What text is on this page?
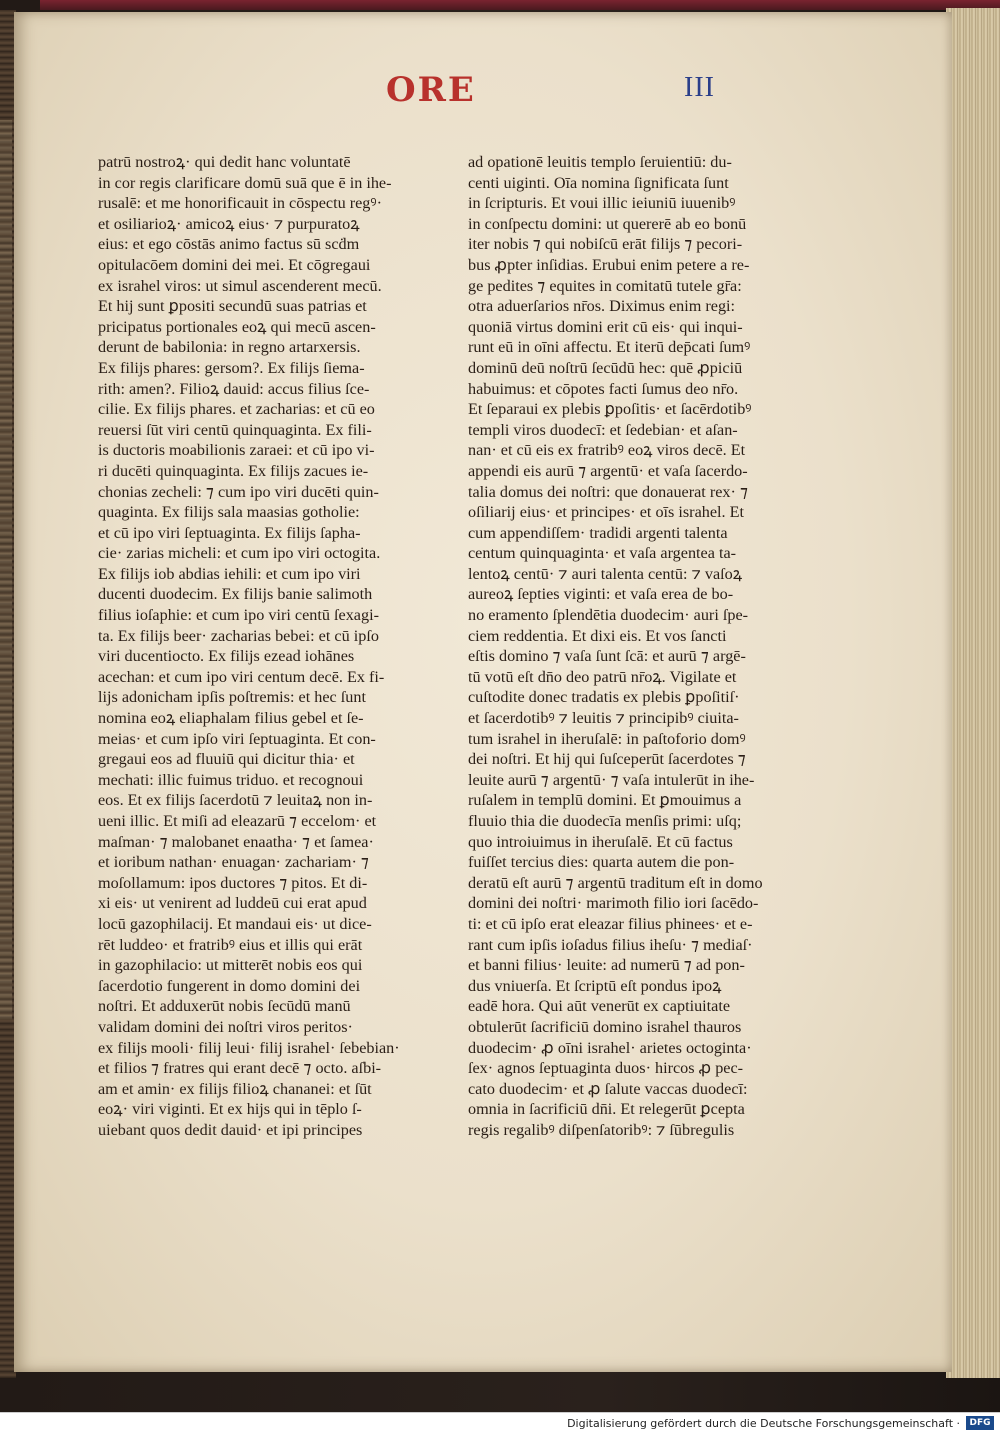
ORE	III
patrū nostroꝝ· qui dedit hanc voluntatē
in cor regis clarificare domū suā que ē in ihe-
rusalē: et me honorificauit in cōspectu regꝰ·
et osiliarioꝝ· amicoꝝ eius· ⁊ purpuratoꝝ
eius: et ego cōstās animo factus sū scḋm
opitulacōem domini dei mei. Et cōgregaui
ex israhel viros: ut simul ascenderent mecū.
Et hij sunt ꝑpositi secundū suas patrias et
pricipatus portionales eoꝝ qui mecū ascen-
derunt de babilonia: in regno artarxersis.
Ex filijs phares: gersom?. Ex filijs ſiema-
rith: amen?. Filioꝝ dauid: accus filius ſce-
cilie. Ex filijs phares. et zacharias: et cū eo
reuersi ſūt viri centū quinquaginta. Ex fili-
is ductoris moabilionis zaraei: et cū ipo vi-
ri ducēti quinquaginta. Ex filijs zacues ie-
chonias zecheli: ⁊ cum ipo viri ducēti quin-
quaginta. Ex filijs sala maasias gotholie:
et cū ipo viri ſeptuaginta. Ex filijs ſapha-
cie· zarias micheli: et cum ipo viri octogita.
Ex filijs iob abdias iehili: et cum ipo viri
ducenti duodecim. Ex filijs banie salimoth
filius ioſaphie: et cum ipo viri centū ſexagi-
ta. Ex filijs beer· zacharias bebei: et cū ipſo
viri ducentiocto. Ex filijs ezead iohānes
acechan: et cum ipo viri centum decē. Ex fi-
lijs adonicham ipſis poſtremis: et hec ſunt
nomina eoꝝ eliaphalam filius gebel et ſe-
meias· et cum ipſo viri ſeptuaginta. Et con-
gregaui eos ad fluuiū qui dicitur thia· et
mechati: illic fuimus triduo. et recognoui
eos. Et ex filijs ſacerdotū ⁊ leuitaꝝ non in-
ueni illic. Et miſi ad eleazarū ⁊ eccelom· et
maſman· ⁊ malobanet enaatha· ⁊ et ſamea·
et ioribum nathan· enuagan· zachariam· ⁊
moſollamum: ipos ductores ⁊ pitos. Et di-
xi eis· ut venirent ad luddeū cui erat apud
locū gazophilacij. Et mandaui eis· ut dice-
rēt luddeo· et fratribꝰ eius et illis qui erāt
in gazophilacio: ut mitterēt nobis eos qui
ſacerdotio fungerent in domo domini dei
noſtri. Et adduxerūt nobis ſecūdū manū
validam domini dei noſtri viros peritos·
ex filijs mooli· filij leui· filij israhel· ſebebian·
et filios ⁊ fratres qui erant decē ⁊ octo. aſbi-
am et amin· ex filijs filioꝝ chananei: et ſūt
eoꝝ· viri viginti. Et ex hijs qui in tēplo ſ-
uiebant quos dedit dauid· et ipi principes
ad opationē leuitis templo ſeruientiū: du-
centi uiginti. Oīa nomina ſignificata ſunt
in ſcripturis. Et voui illic ieiuniū iuuenibꝰ
in conſpectu domini: ut quererē ab eo bonū
iter nobis ⁊ qui nobiſcū erāt filijs ⁊ pecori-
bus ꝓpter inſidias. Erubui enim petere a re-
ge pedites ⁊ equites in comitatū tutele gr̄a:
otra aduerſarios nr̄os. Diximus enim regi:
quoniā virtus domini erit cū eis· qui inqui-
runt eū in oīni affectu. Et iterū dep̄cati ſumꝰ
dominū deū noſtrū ſecūdū hec: quē ꝓpiciū
habuimus: et cōpotes facti ſumus deo nr̄o.
Et ſeparaui ex plebis ꝑpoſitis· et ſacērdotibꝰ
templi viros duodecī: et ſedebian· et aſan-
nan· et cū eis ex fratribꝰ eoꝝ viros decē. Et
appendi eis aurū ⁊ argentū· et vaſa ſacerdo-
talia domus dei noſtri: que donauerat rex· ⁊
oſiliarij eius· et principes· et oīs israhel. Et
cum appendiſſem· tradidi argenti talenta
centum quinquaginta· et vaſa argentea ta-
lentoꝝ centū· ⁊ auri talenta centū: ⁊ vaſoꝝ
aureoꝝ ſepties viginti: et vaſa erea de bo-
no eramento ſplendētia duodecim· auri ſpe-
ciem reddentia. Et dixi eis. Et vos ſancti
eſtis domino ⁊ vaſa ſunt ſcā: et aurū ⁊ argē-
tū votū eſt dn̄o deo patrū nr̄oꝝ. Vigilate et
cuſtodite donec tradatis ex plebis ꝑpoſitiſ·
et ſacerdotibꝰ ⁊ leuitis ⁊ principibꝰ ciuita-
tum israhel in iheruſalē: in paſtoforio domꝰ
dei noſtri. Et hij qui ſuſceperūt ſacerdotes ⁊
leuite aurū ⁊ argentū· ⁊ vaſa intulerūt in ihe-
ruſalem in templū domini. Et ꝑmouimus a
fluuio thia die duodecīa menſis primi: uſq;
quo introiuimus in iheruſalē. Et cū factus
fuiſſet tercius dies: quarta autem die pon-
deratū eſt aurū ⁊ argentū traditum eſt in domo
domini dei noſtri· marimoth filio iori ſacēdo-
ti: et cū ipſo erat eleazar filius phinees· et e-
rant cum ipſis ioſadus filius iheſu· ⁊ mediaſ·
et banni filius· leuite: ad numerū ⁊ ad pon-
dus vniuerſa. Et ſcriptū eſt pondus ipoꝝ
eadē hora. Qui aūt venerūt ex captiuitate
obtulerūt ſacrificiū domino israhel thauros
duodecim· ꝓ oīni israhel· arietes octoginta·
ſex· agnos ſeptuaginta duos· hircos ꝓ pec-
cato duodecim· et ꝓ ſalute vaccas duodecī:
omnia in ſacrificiū dn̄i. Et relegerūt ꝑcepta
regis regalibꝰ diſpenſatoribꝰ: ⁊ ſūbregulis
Digitalisierung gefördert durch die Deutsche Forschungsgemeinschaft ·	DFG
